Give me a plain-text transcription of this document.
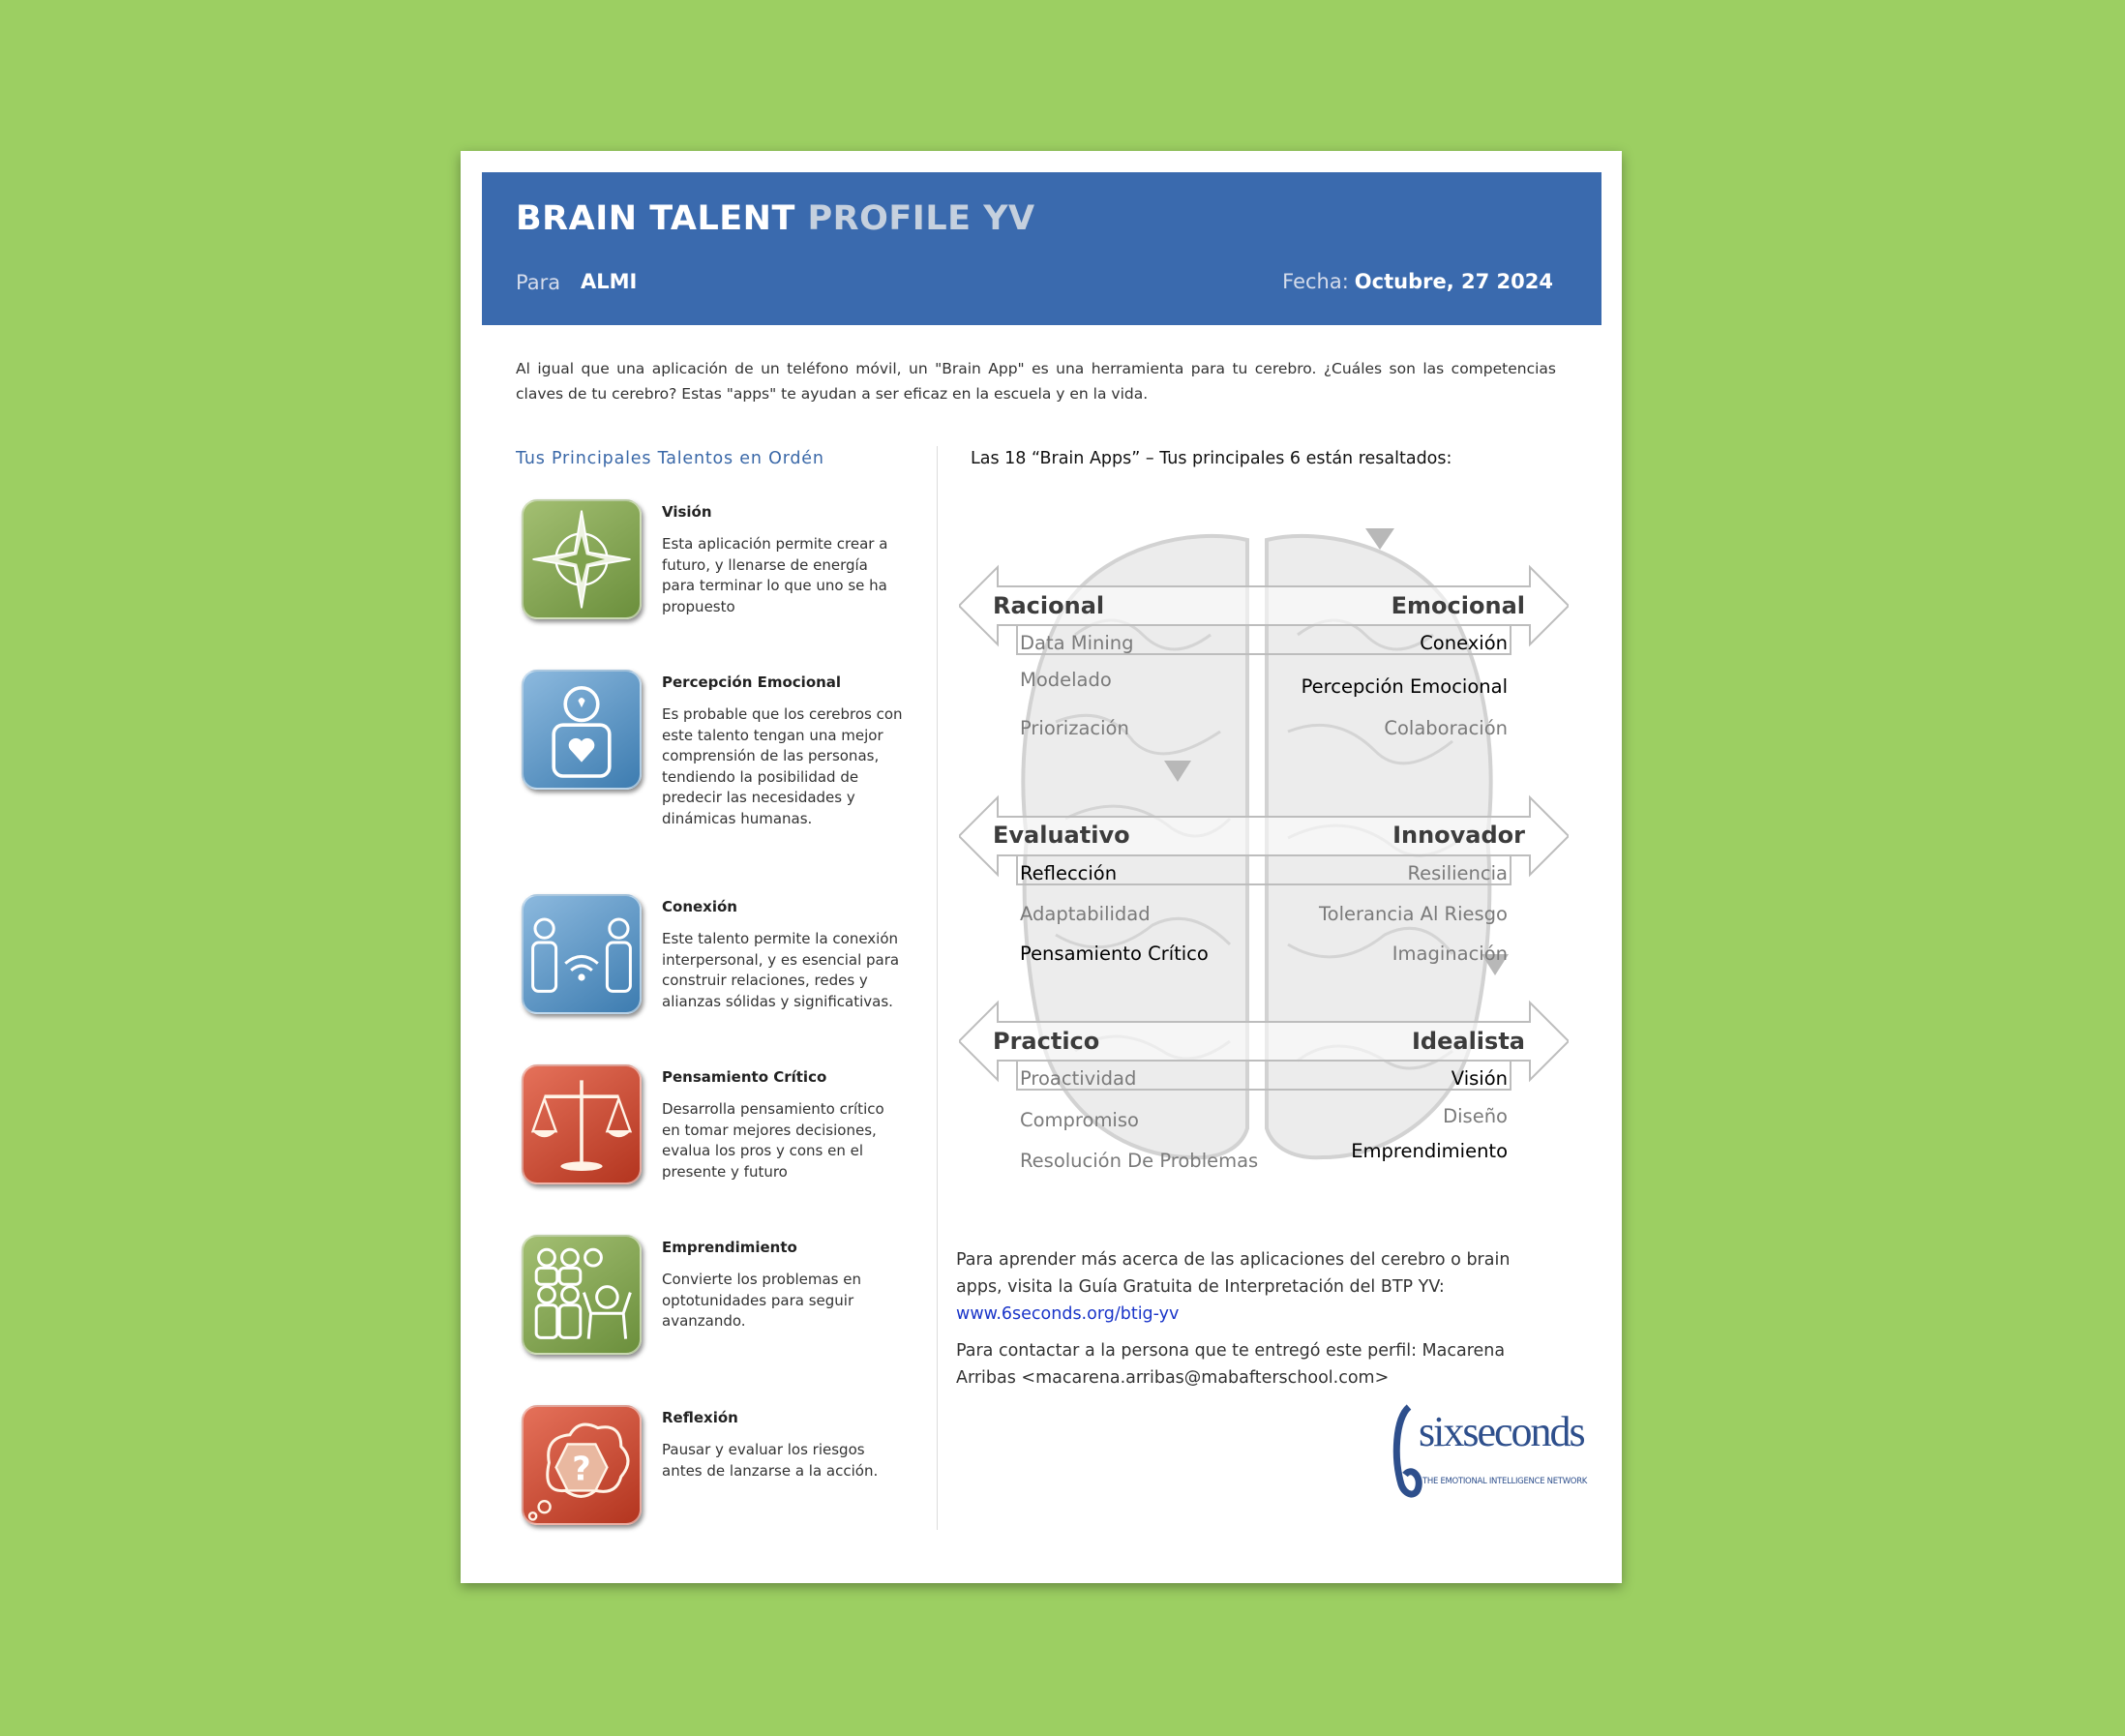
BRAIN TALENT PROFILE YV
Para ALMI	Fecha: Octubre, 27 2024
Al igual que una aplicación de un teléfono móvil, un "Brain App" es una herramienta para tu cerebro. ¿Cuáles son las competencias claves de tu cerebro? Estas "apps" te ayudan a ser eficaz en la escuela y en la vida.
Tus Principales Talentos en Ordén	Las 18 “Brain Apps” – Tus principales 6 están resaltados:
Visión
Esta aplicación permite crear a futuro, y llenarse de energía para terminar lo que uno se ha propuesto
Percepción Emocional
Es probable que los cerebros con este talento tengan una mejor comprensión de las personas, tendiendo la posibilidad de predecir las necesidades y dinámicas humanas.
Conexión
Este talento permite la conexión interpersonal, y es esencial para construir relaciones, redes y alianzas sólidas y significativas.
Pensamiento Crítico
Desarrolla pensamiento crítico en tomar mejores decisiones, evalua los pros y cons en el presente y futuro
Emprendimiento
Convierte los problemas en optotunidades para seguir avanzando.
?
Reflexión
Pausar y evaluar los riesgos antes de lanzarse a la acción.
Racional	Emocional
Evaluativo	Innovador
Practico	Idealista
Data Mining
Modelado
Priorización
Conexión
Percepción Emocional
Colaboración
Reflección
Adaptabilidad
Pensamiento Crítico
Resiliencia
Tolerancia Al Riesgo
Imaginación
Proactividad
Compromiso
Resolución De Problemas
Visión
Diseño
Emprendimiento
Para aprender más acerca de las aplicaciones del cerebro o brain apps, visita la Guía Gratuita de Interpretación del BTP YV:
www.6seconds.org/btig-yv
Para contactar a la persona que te entregó este perfil: Macarena Arribas <macarena.arribas@mabafterschool.com>
sixseconds
THE EMOTIONAL INTELLIGENCE NETWORK
